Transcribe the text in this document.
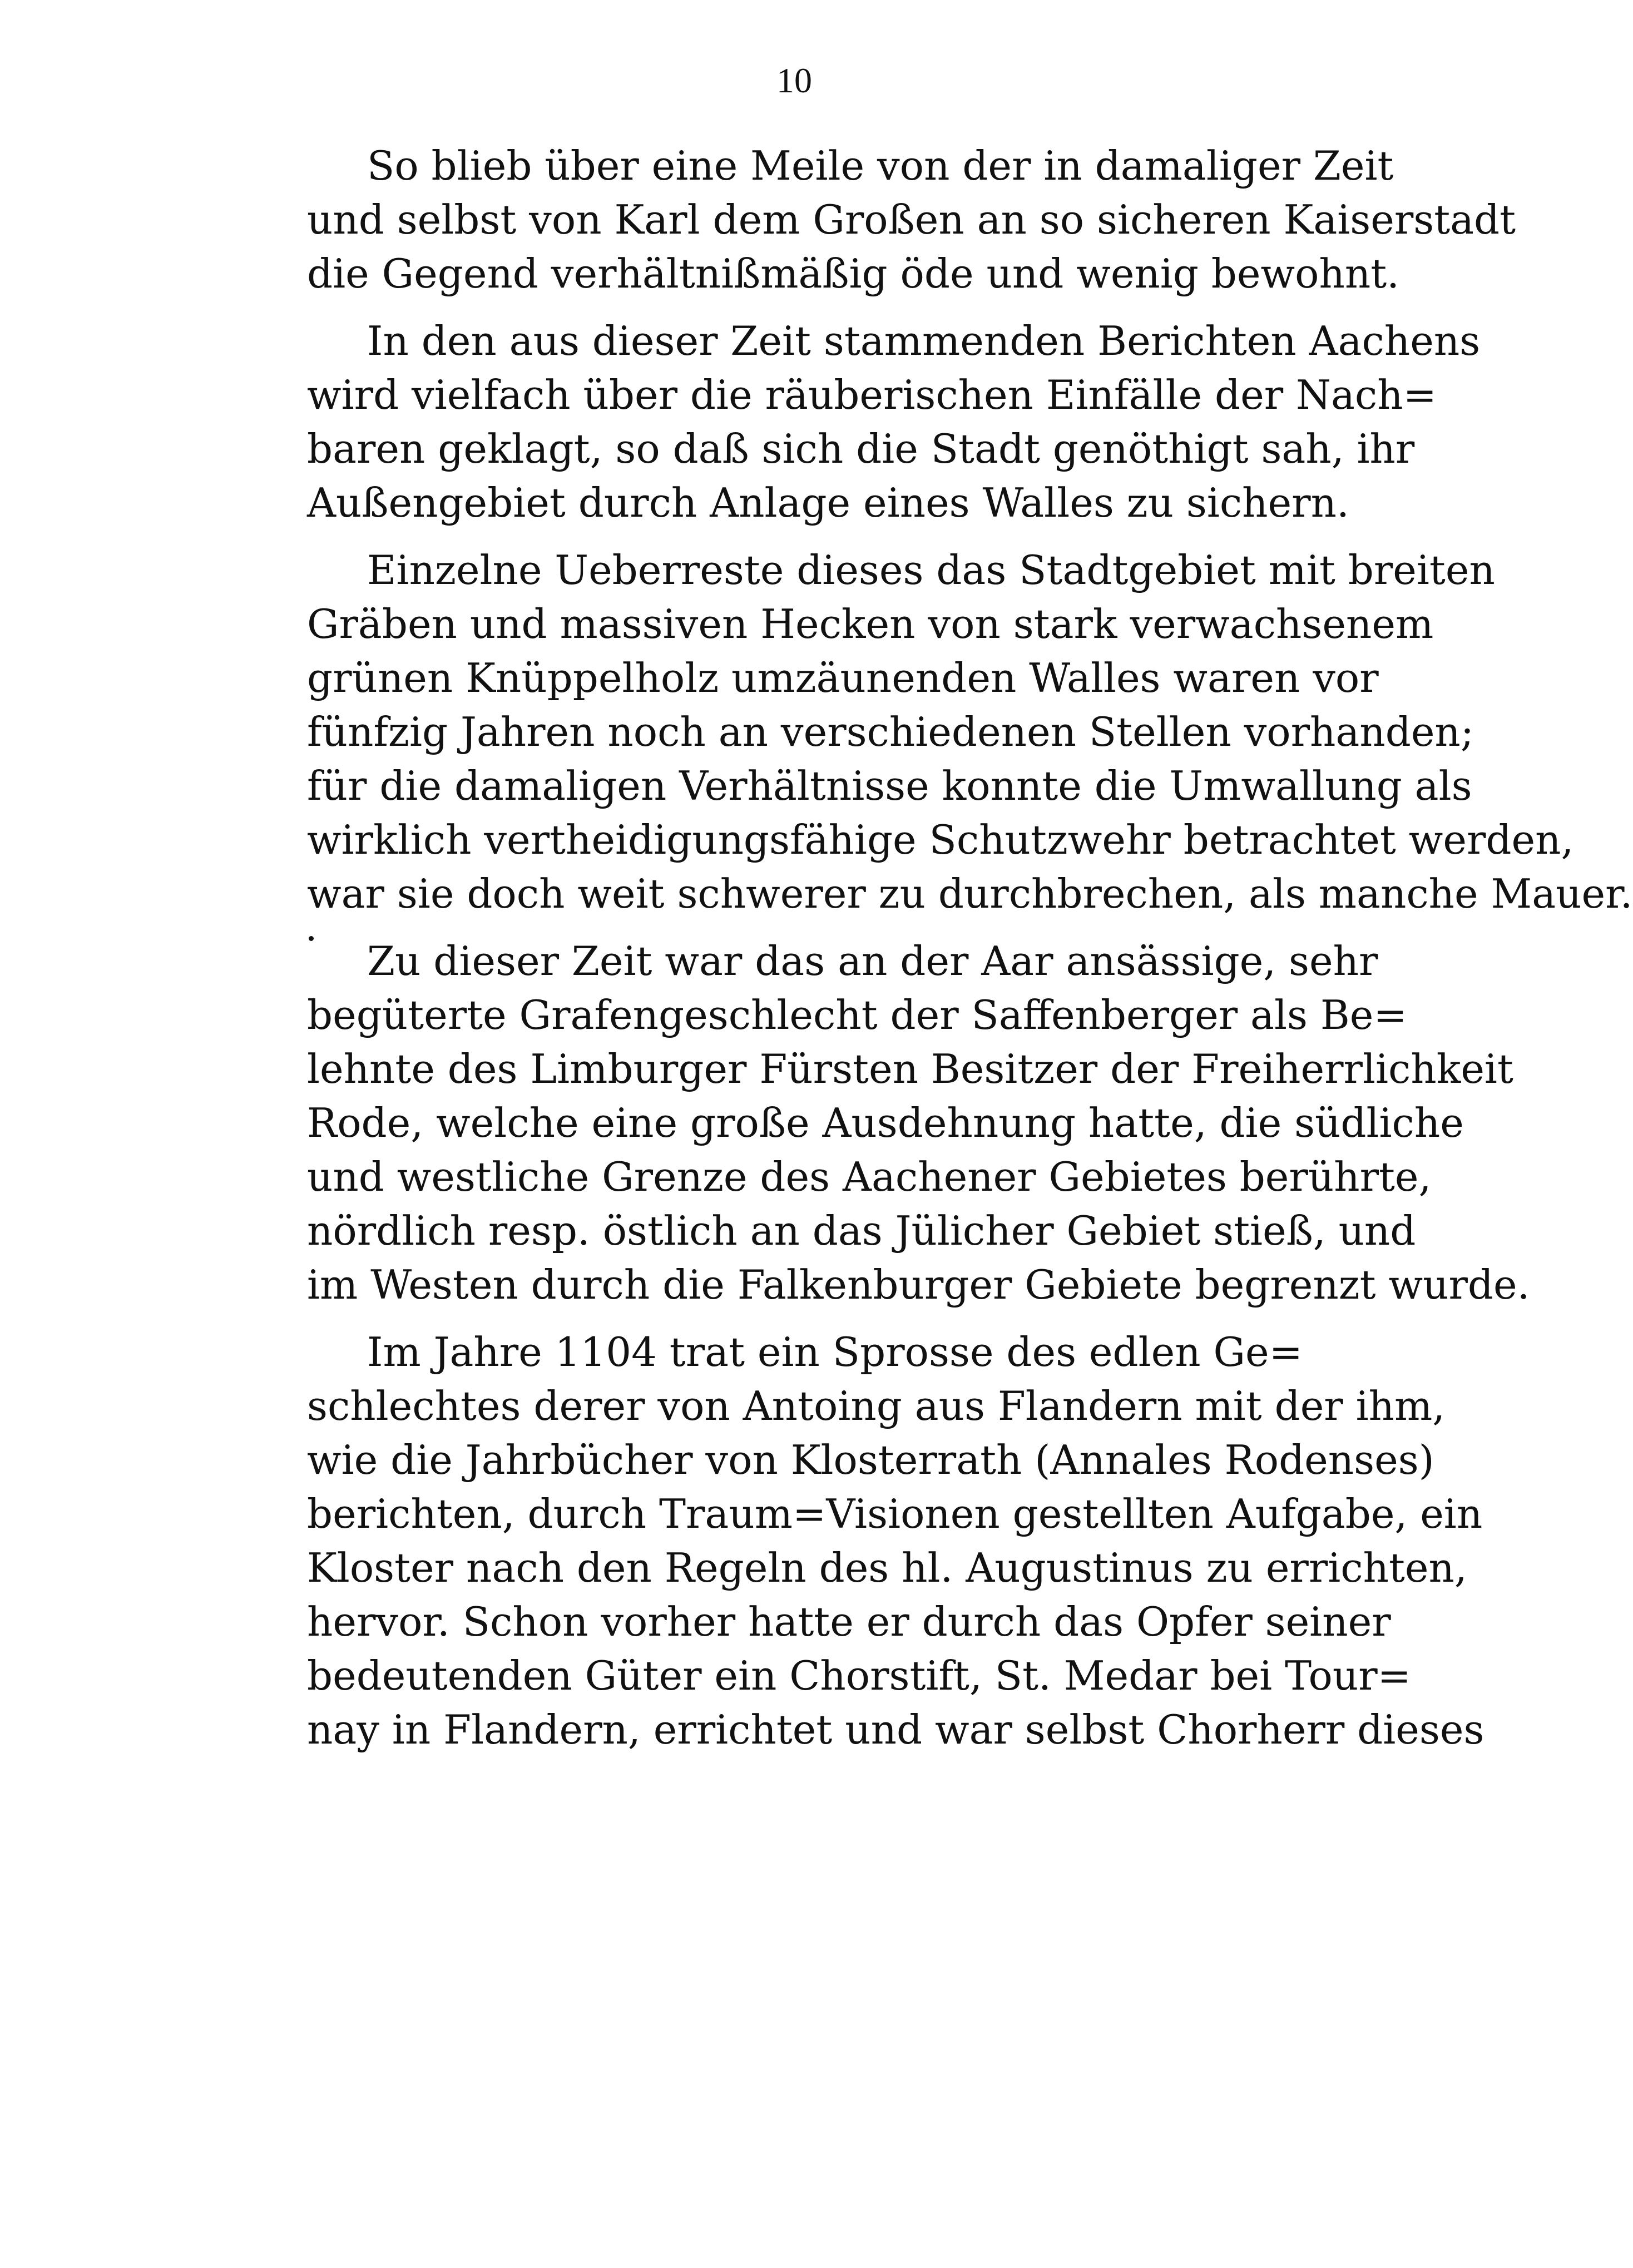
10
So blieb über eine Meile von der in damaliger Zeit
und selbst von Karl dem Großen an so sicheren Kaiserstadt
die Gegend verhältnißmäßig öde und wenig bewohnt.
In den aus dieser Zeit stammenden Berichten Aachens
wird vielfach über die räuberischen Einfälle der Nach=
baren geklagt, so daß sich die Stadt genöthigt sah, ihr
Außengebiet durch Anlage eines Walles zu sichern.
Einzelne Ueberreste dieses das Stadtgebiet mit breiten
Gräben und massiven Hecken von stark verwachsenem
grünen Knüppelholz umzäunenden Walles waren vor
fünfzig Jahren noch an verschiedenen Stellen vorhanden;
für die damaligen Verhältnisse konnte die Umwallung als
wirklich vertheidigungsfähige Schutzwehr betrachtet werden,
war sie doch weit schwerer zu durchbrechen, als manche Mauer.
Zu dieser Zeit war das an der Aar ansässige, sehr
begüterte Grafengeschlecht der Saffenberger als Be=
lehnte des Limburger Fürsten Besitzer der Freiherrlichkeit
Rode, welche eine große Ausdehnung hatte, die südliche
und westliche Grenze des Aachener Gebietes berührte,
nördlich resp. östlich an das Jülicher Gebiet stieß, und
im Westen durch die Falkenburger Gebiete begrenzt wurde.
Im Jahre 1104 trat ein Sprosse des edlen Ge=
schlechtes derer von Antoing aus Flandern mit der ihm,
wie die Jahrbücher von Klosterrath (Annales Rodenses)
berichten, durch Traum=Visionen gestellten Aufgabe, ein
Kloster nach den Regeln des hl. Augustinus zu errichten,
hervor. Schon vorher hatte er durch das Opfer seiner
bedeutenden Güter ein Chorstift, St. Medar bei Tour=
nay in Flandern, errichtet und war selbst Chorherr dieses
